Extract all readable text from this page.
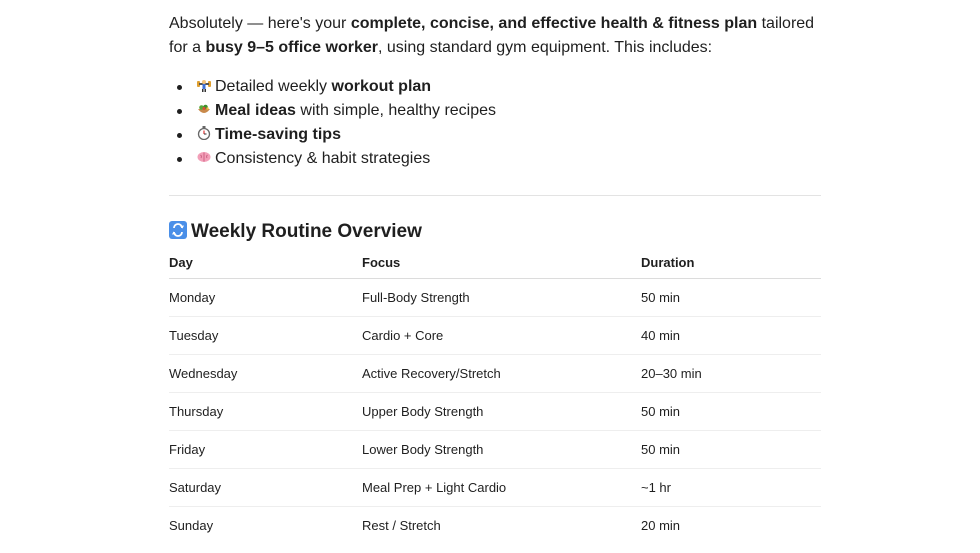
Absolutely — here's your complete, concise, and effective health & fitness plan tailored for a busy 9–5 office worker, using standard gym equipment. This includes:

Detailed weekly workout plan
Meal ideas with simple, healthy recipes
Time-saving tips
Consistency & habit strategies
Weekly Routine Overview
Day	Focus	Duration
Monday	Full-Body Strength	50 min
Tuesday	Cardio + Core	40 min
Wednesday	Active Recovery/Stretch	20–30 min
Thursday	Upper Body Strength	50 min
Friday	Lower Body Strength	50 min
Saturday	Meal Prep + Light Cardio	~1 hr
Sunday	Rest / Stretch	20 min
